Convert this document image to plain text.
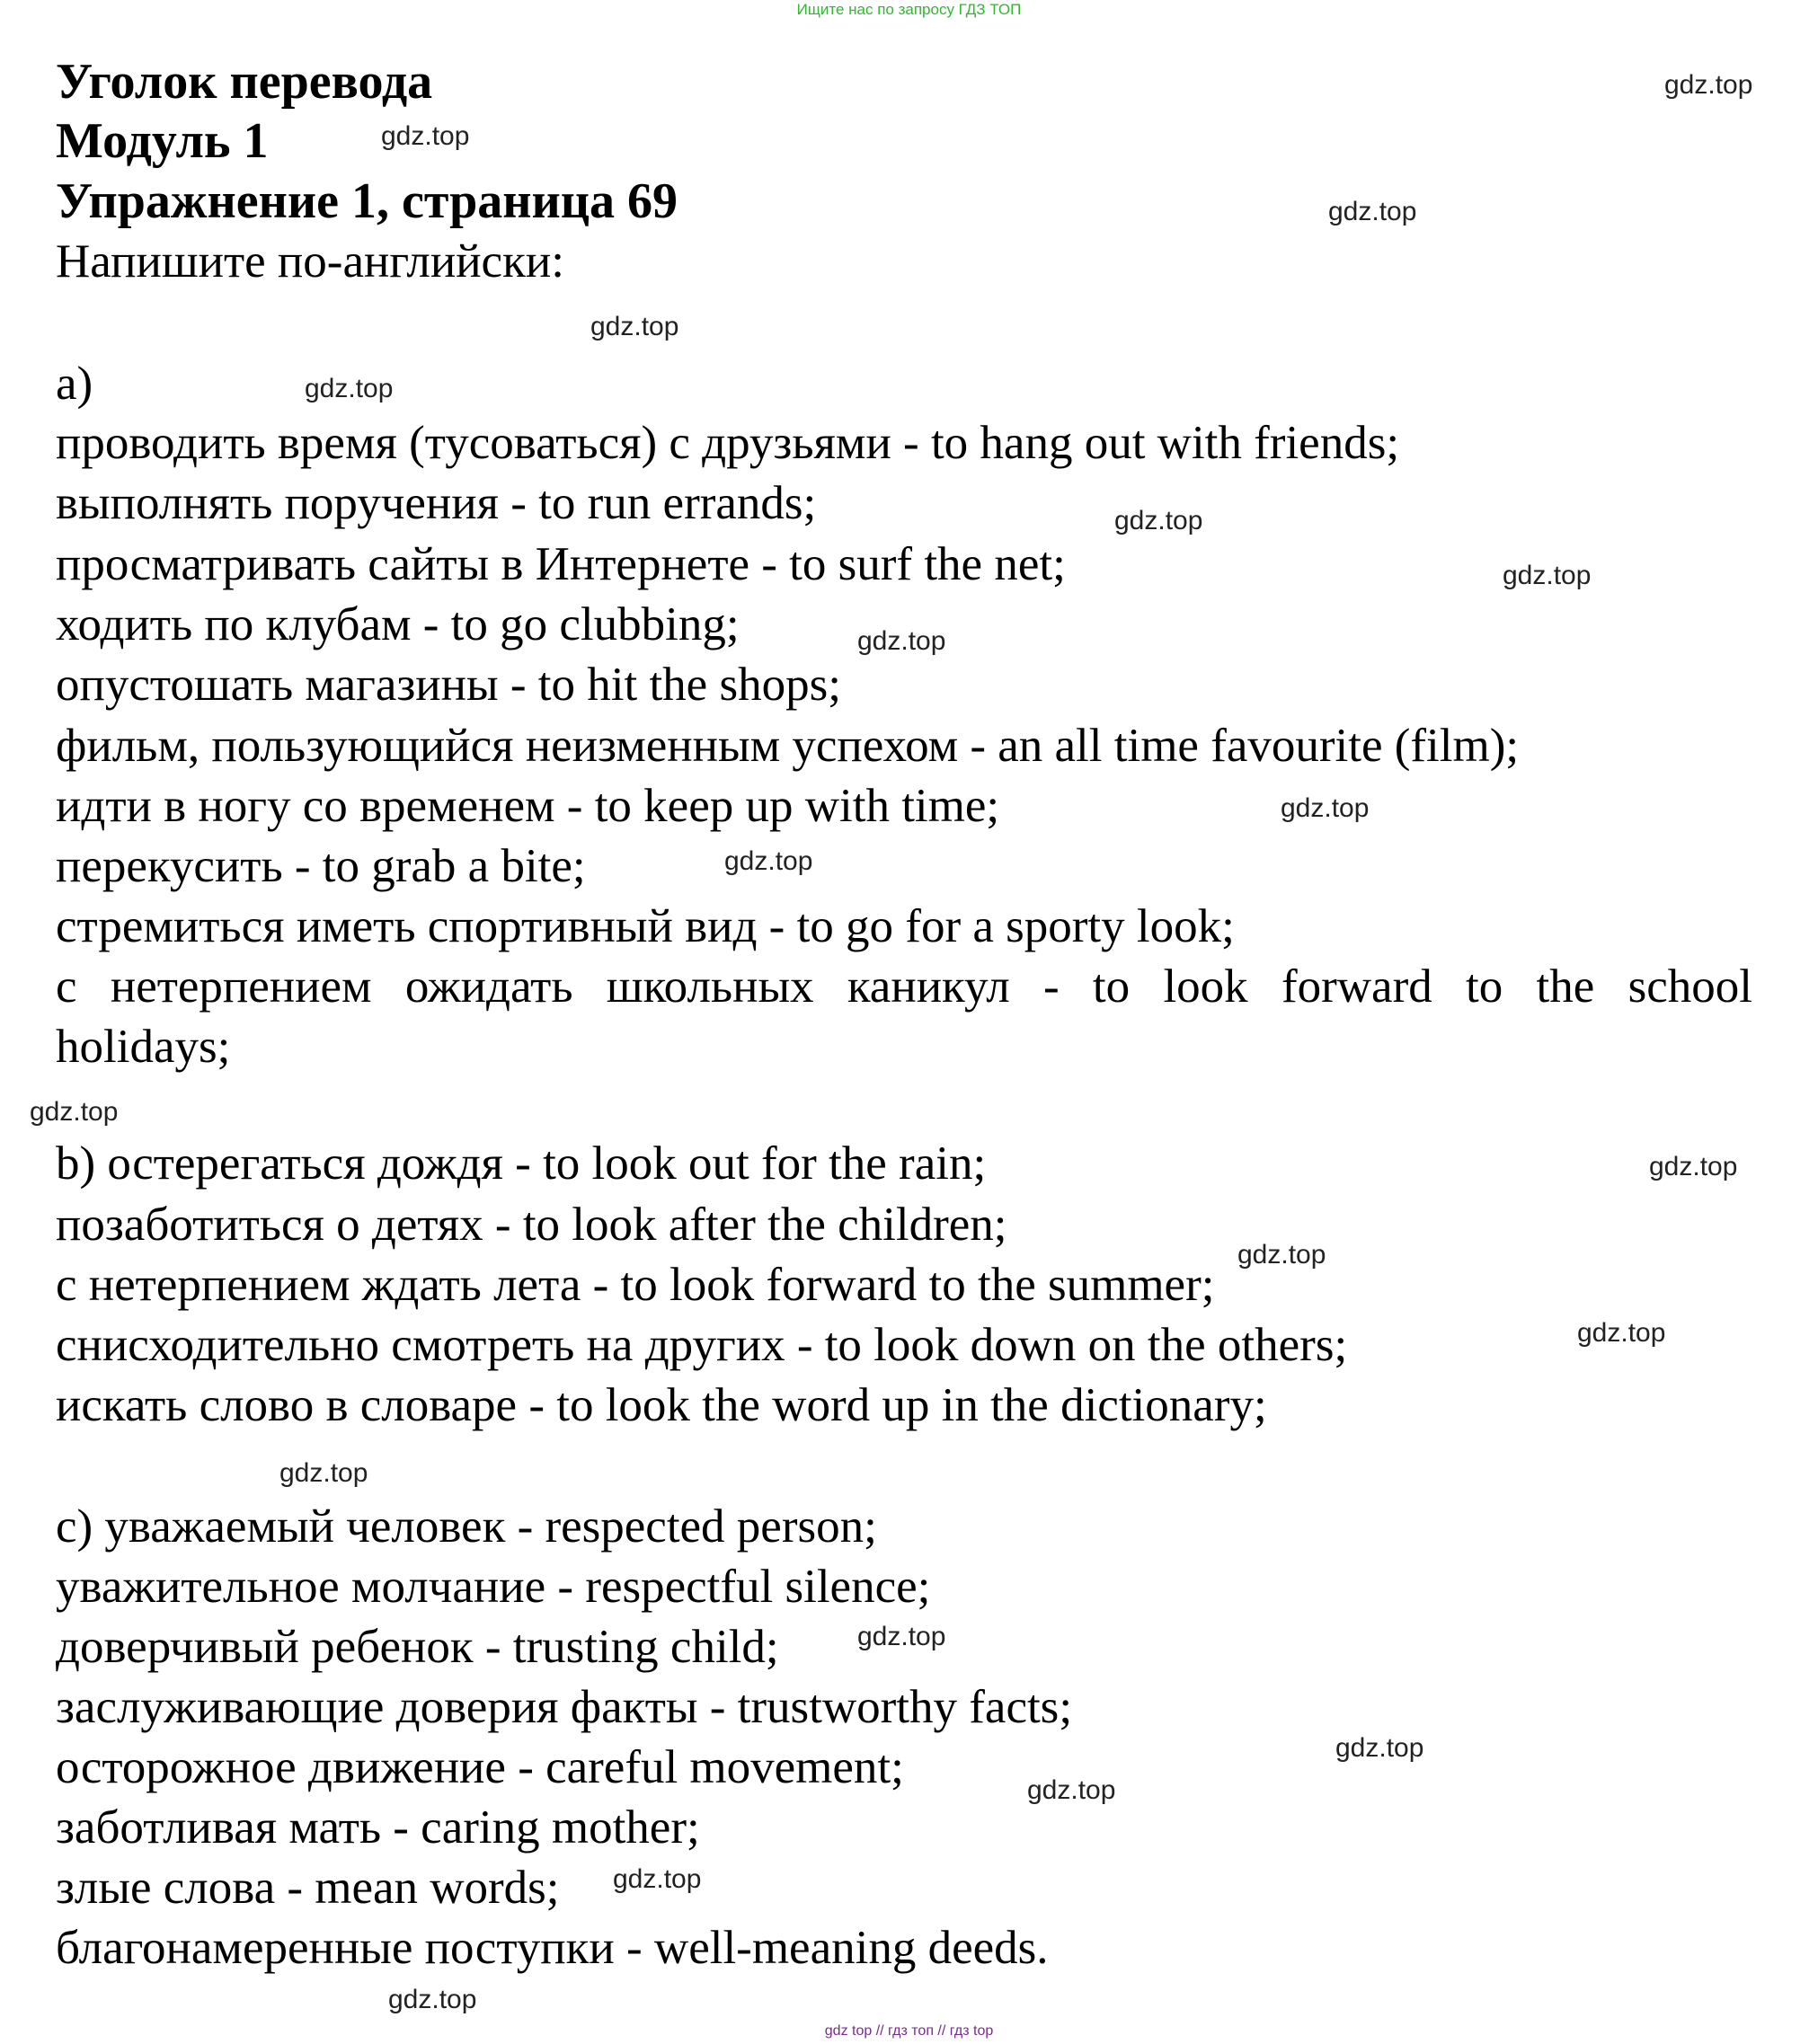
Ищите нас по запросу ГДЗ ТОП
Уголок перевода
Модуль 1
Упражнение 1, страница 69
Напишите по-английски:
a)
проводить время (тусоваться) с друзьями - to hang out with friends;
выполнять поручения - to run errands;
просматривать сайты в Интернете - to surf the net;
ходить по клубам - to go clubbing;
опустошать магазины - to hit the shops;
фильм, пользующийся неизменным успехом - an all time favourite (film);
идти в ногу со временем - to keep up with time;
перекусить - to grab a bite;
стремиться иметь спортивный вид - to go for a sporty look;
с нетерпением ожидать школьных каникул - to look forward to the school
holidays;
b) остерегаться дождя - to look out for the rain;
позаботиться о детях - to look after the children;
с нетерпением ждать лета - to look forward to the summer;
снисходительно смотреть на других - to look down on the others;
искать слово в словаре - to look the word up in the dictionary;
c) уважаемый человек - respected person;
уважительное молчание - respectful silence;
доверчивый ребенок - trusting child;
заслуживающие доверия факты - trustworthy facts;
осторожное движение - careful movement;
заботливая мать - caring mother;
злые слова - mean words;
благонамеренные поступки - well-meaning deeds.
gdz.top
gdz.top
gdz.top
gdz.top
gdz.top
gdz.top
gdz.top
gdz.top
gdz.top
gdz.top
gdz.top
gdz.top
gdz.top
gdz.top
gdz.top
gdz.top
gdz.top
gdz.top
gdz.top
gdz.top
gdz top // гдз топ // гдз top
